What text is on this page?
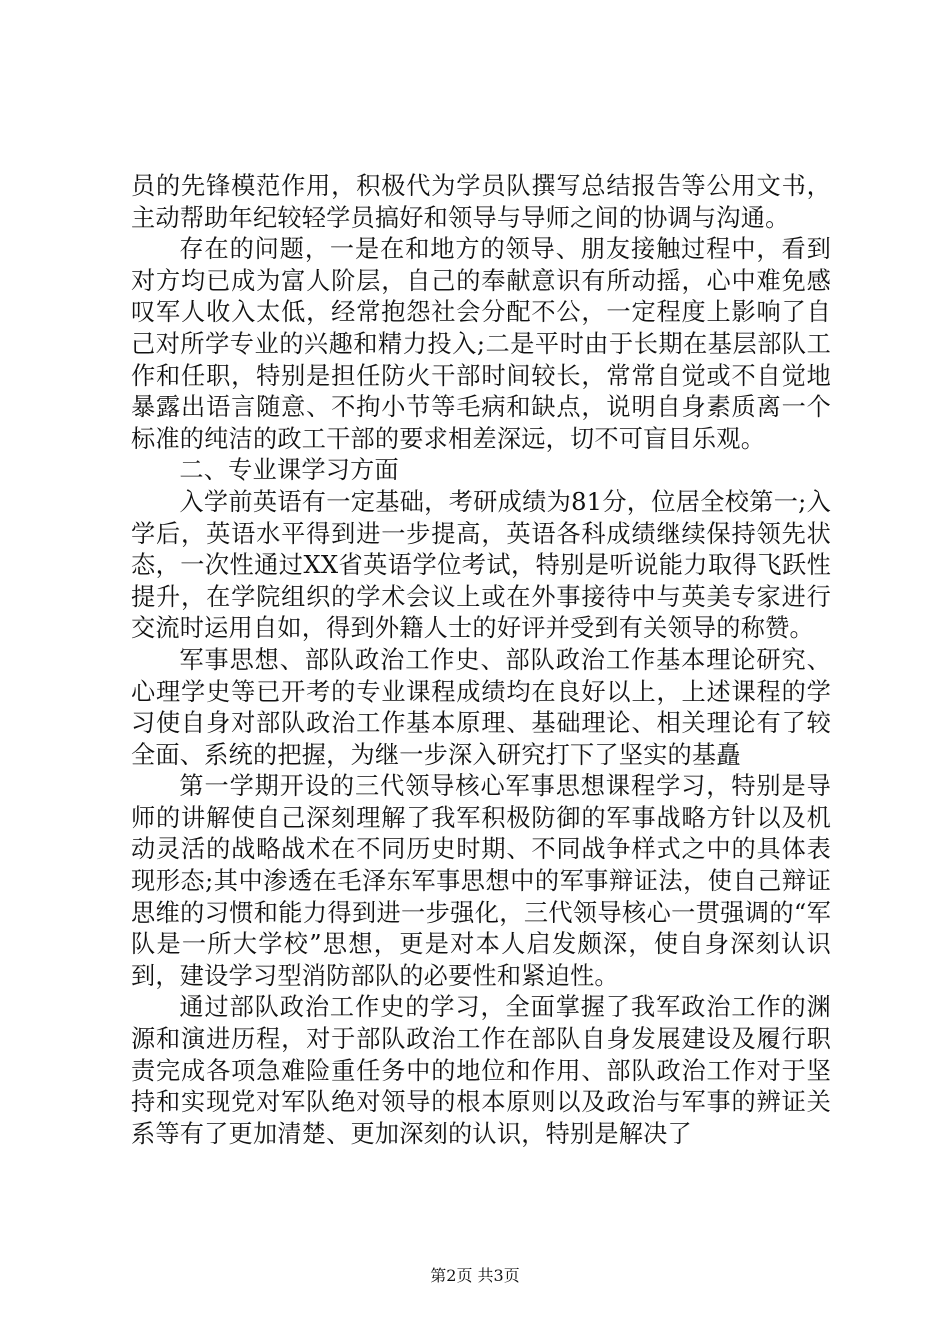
员的先锋模范作用，积极代为学员队撰写总结报告等公用文书，主动帮助年纪较轻学员搞好和领导与导师之间的协调与沟通。

存在的问题，一是在和地方的领导、朋友接触过程中，看到对方均已成为富人阶层，自己的奉献意识有所动摇，心中难免感叹军人收入太低，经常抱怨社会分配不公，一定程度上影响了自己对所学专业的兴趣和精力投入;二是平时由于长期在基层部队工作和任职，特别是担任防火干部时间较长，常常自觉或不自觉地暴露出语言随意、不拘小节等毛病和缺点，说明自身素质离一个标准的纯洁的政工干部的要求相差深远，切不可盲目乐观。

二、专业课学习方面

入学前英语有一定基础，考研成绩为81分，位居全校第一;入学后，英语水平得到进一步提高，英语各科成绩继续保持领先状态，一次性通过XX省英语学位考试，特别是听说能力取得飞跃性提升，在学院组织的学术会议上或在外事接待中与英美专家进行交流时运用自如，得到外籍人士的好评并受到有关领导的称赞。

军事思想、部队政治工作史、部队政治工作基本理论研究、心理学史等已开考的专业课程成绩均在良好以上，上述课程的学习使自身对部队政治工作基本原理、基础理论、相关理论有了较全面、系统的把握，为继一步深入研究打下了坚实的基矗

第一学期开设的三代领导核心军事思想课程学习，特别是导师的讲解使自己深刻理解了我军积极防御的军事战略方针以及机动灵活的战略战术在不同历史时期、不同战争样式之中的具体表现形态;其中渗透在毛泽东军事思想中的军事辩证法，使自己辩证思维的习惯和能力得到进一步强化，三代领导核心一贯强调的“军队是一所大学校”思想，更是对本人启发颇深，使自身深刻认识到，建设学习型消防部队的必要性和紧迫性。

通过部队政治工作史的学习，全面掌握了我军政治工作的渊源和演进历程，对于部队政治工作在部队自身发展建设及履行职责完成各项急难险重任务中的地位和作用、部队政治工作对于坚持和实现党对军队绝对领导的根本原则以及政治与军事的辨证关系等有了更加清楚、更加深刻的认识，特别是解决了

第2页 共3页
